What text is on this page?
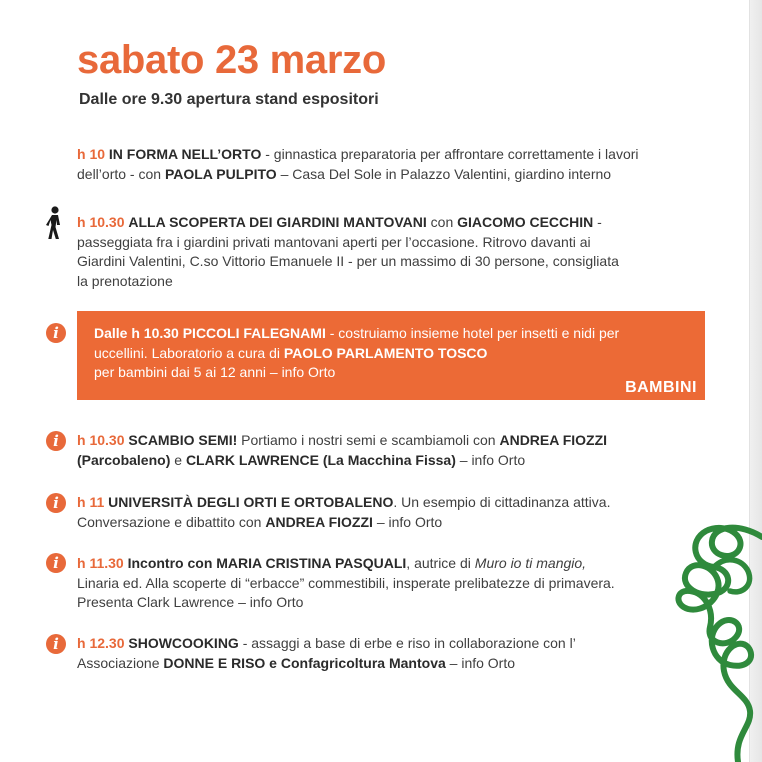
sabato 23 marzo
Dalle ore 9.30 apertura stand espositori

h 10 IN FORMA NELL’ORTO - ginnastica preparatoria per affrontare correttamente i lavori

dell’orto - con PAOLA PULPITO – Casa Del Sole in Palazzo Valentini, giardino interno

h 10.30 ALLA SCOPERTA DEI GIARDINI MANTOVANI con GIACOMO CECCHIN -

passeggiata fra i giardini privati mantovani aperti per l’occasione. Ritrovo davanti ai

Giardini Valentini, C.so Vittorio Emanuele II - per un massimo di 30 persone, consigliata

la prenotazione

i	Dalle h 10.30 PICCOLI FALEGNAMI - costruiamo insieme hotel per insetti e nidi per

uccellini. Laboratorio a cura di PAOLO PARLAMENTO TOSCO

per bambini dai 5 ai 12 anni – info Orto

BAMBINI
i	h 10.30 SCAMBIO SEMI! Portiamo i nostri semi e scambiamoli con ANDREA FIOZZI

(Parcobaleno) e CLARK LAWRENCE (La Macchina Fissa) – info Orto

i	h 11 UNIVERSITÀ DEGLI ORTI E ORTOBALENO. Un esempio di cittadinanza attiva.

Conversazione e dibattito con ANDREA FIOZZI – info Orto

i	h 11.30 Incontro con MARIA CRISTINA PASQUALI, autrice di Muro io ti mangio,

Linaria ed. Alla scoperte di “erbacce” commestibili, insperate prelibatezze di primavera.

Presenta Clark Lawrence – info Orto

i	h 12.30 SHOWCOOKING - assaggi a base di erbe e riso in collaborazione con l’

Associazione DONNE E RISO e Confagricoltura Mantova – info Orto
